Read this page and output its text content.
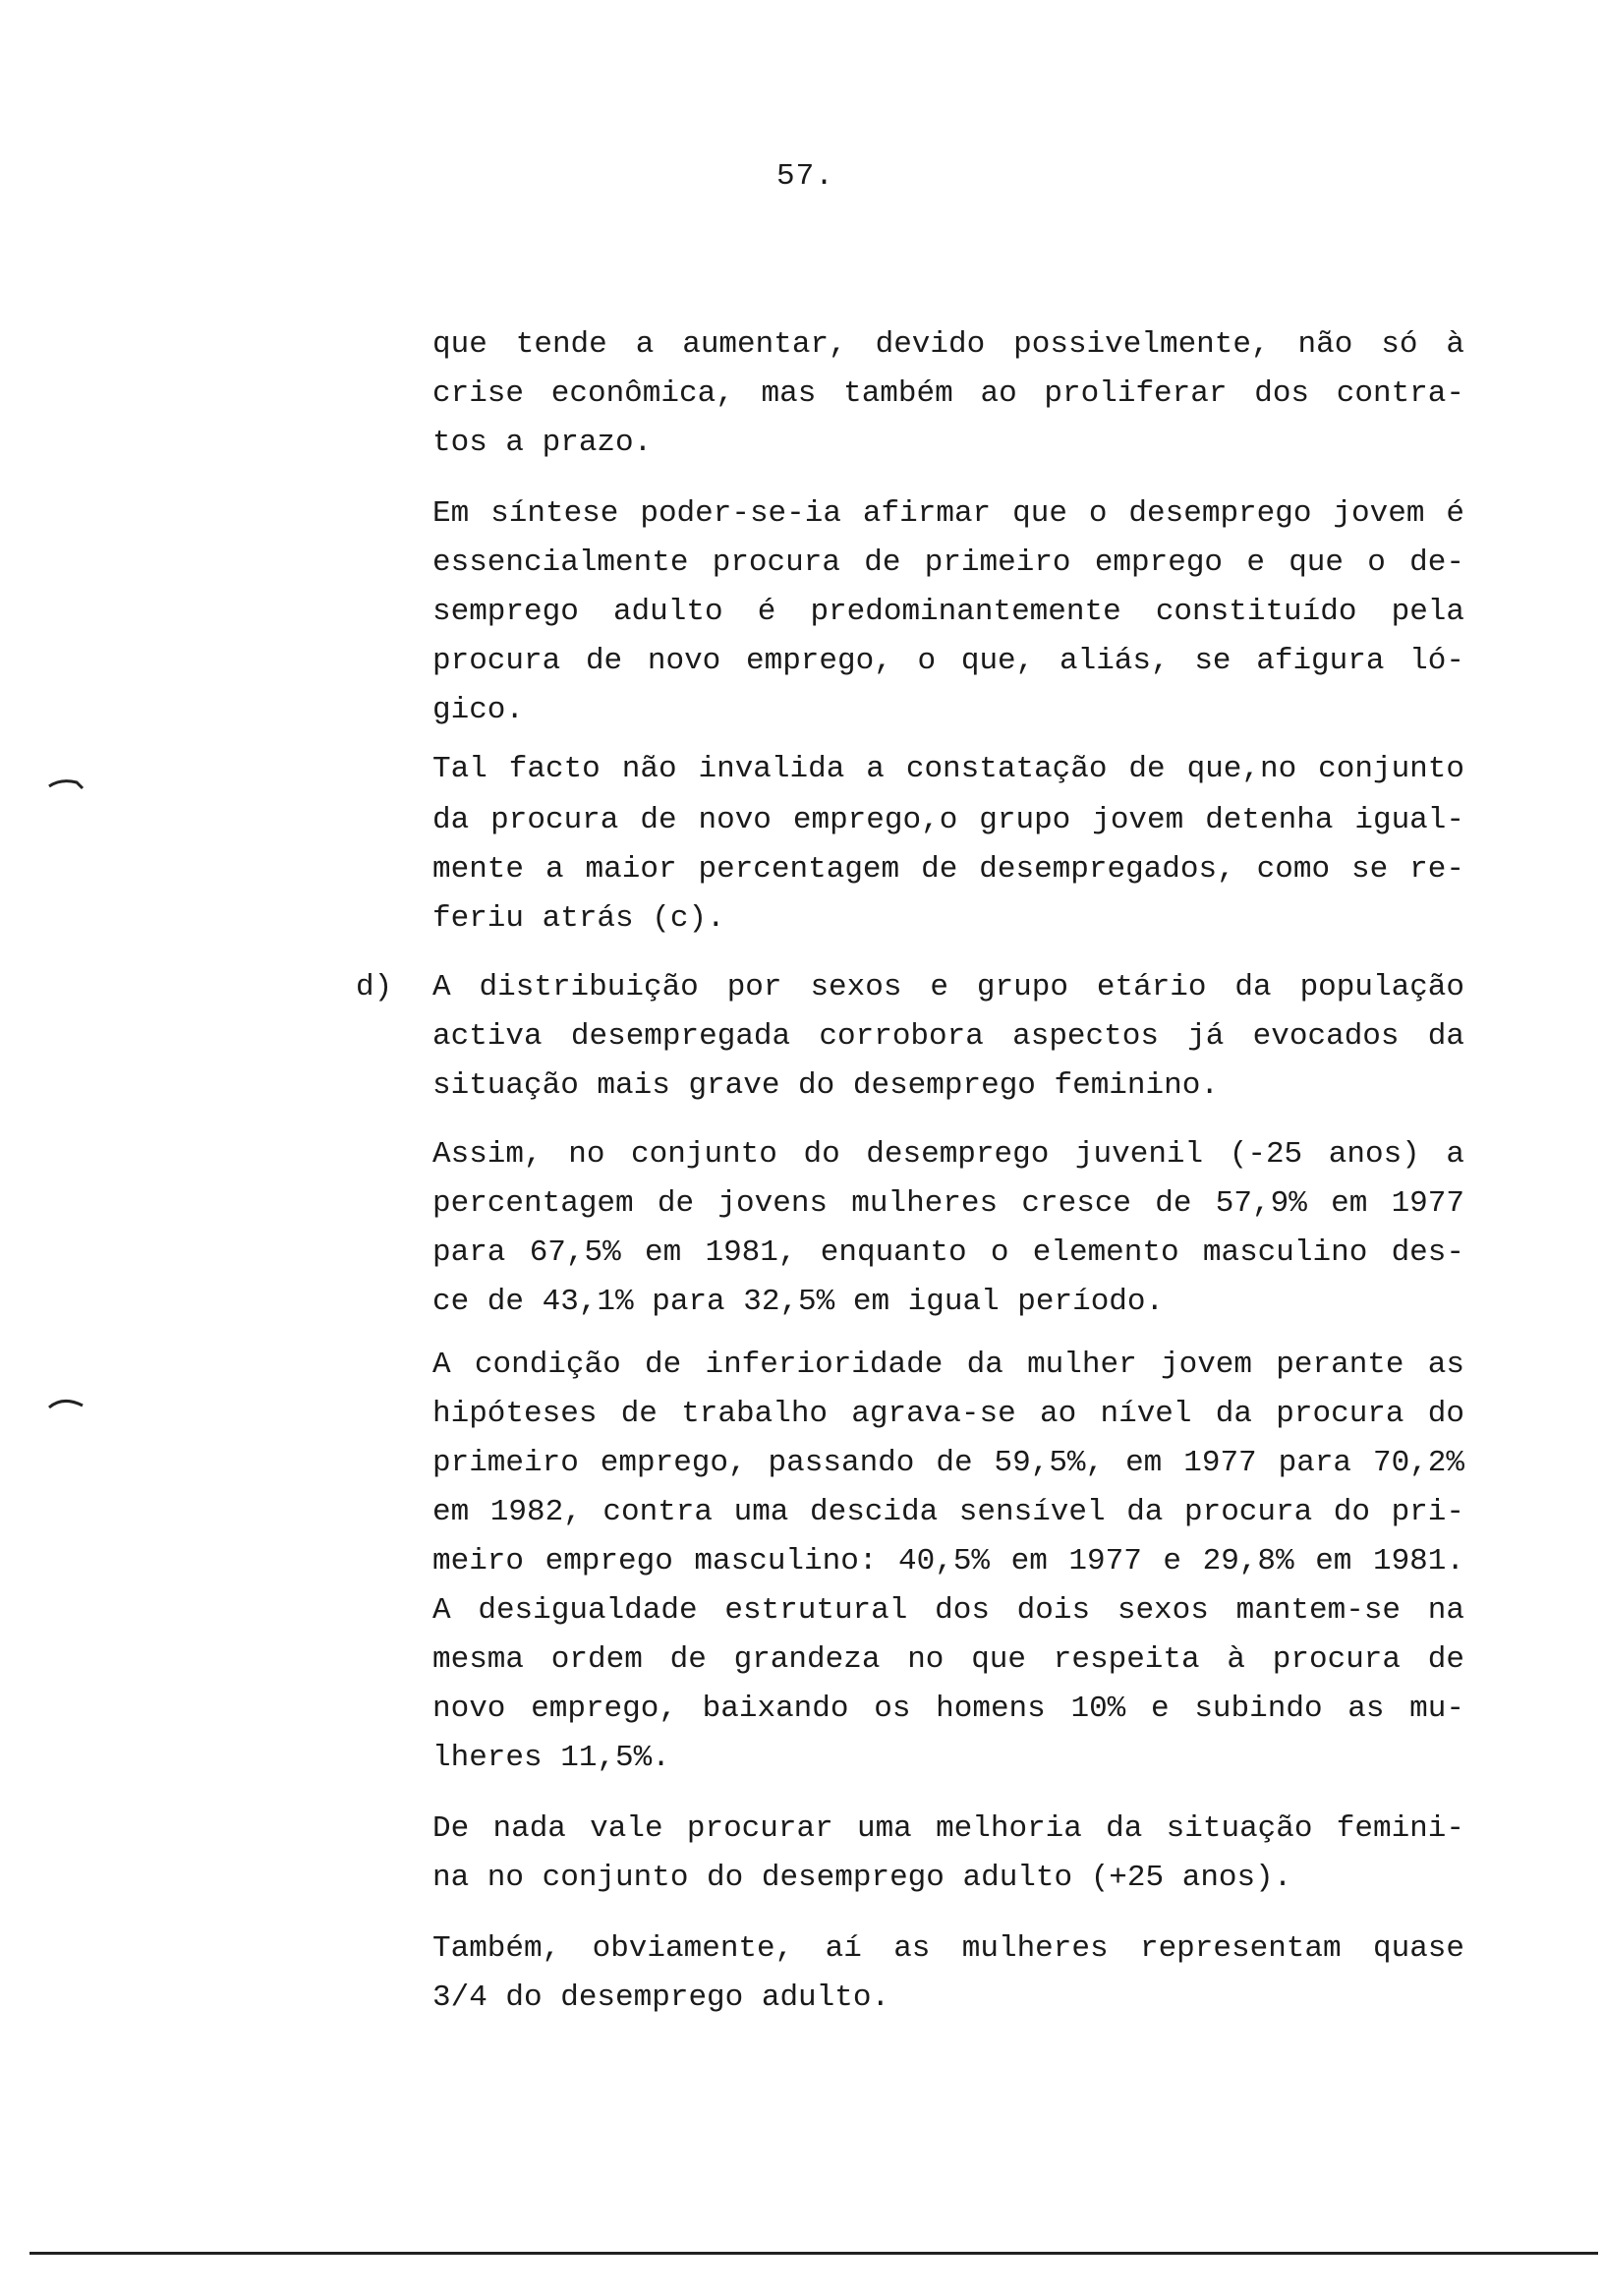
57.
que tende a aumentar, devido possivelmente, não só à
crise econômica, mas também ao proliferar dos contra-
tos a prazo.
Em síntese poder-se-ia afirmar que o desemprego jovem é
essencialmente procura de primeiro emprego e que o de-
semprego adulto é predominantemente constituído pela
procura de novo emprego, o que, aliás, se afigura ló-
gico.
Tal facto não invalida a constatação de que,no conjunto
da procura de novo emprego,o grupo jovem detenha igual-
mente a maior percentagem de desempregados, como se re-
feriu atrás (c).
d) A distribuição por sexos e grupo etário da população
activa desempregada corrobora aspectos já evocados da
situação mais grave do desemprego feminino.
Assim, no conjunto do desemprego juvenil (-25 anos) a
percentagem de jovens mulheres cresce de 57,9% em 1977
para 67,5% em 1981, enquanto o elemento masculino des-
ce de 43,1% para 32,5% em igual período.
A condição de inferioridade da mulher jovem perante as
hipóteses de trabalho agrava-se ao nível da procura do
primeiro emprego, passando de 59,5%, em 1977 para 70,2%
em 1982, contra uma descida sensível da procura do pri-
meiro emprego masculino: 40,5% em 1977 e 29,8% em 1981.
A desigualdade estrutural dos dois sexos mantem-se na
mesma ordem de grandeza no que respeita à procura de
novo emprego, baixando os homens 10% e subindo as mu-
lheres 11,5%.
De nada vale procurar uma melhoria da situação femini-
na no conjunto do desemprego adulto (+25 anos).
Também, obviamente, aí as mulheres representam quase
3/4 do desemprego adulto.
